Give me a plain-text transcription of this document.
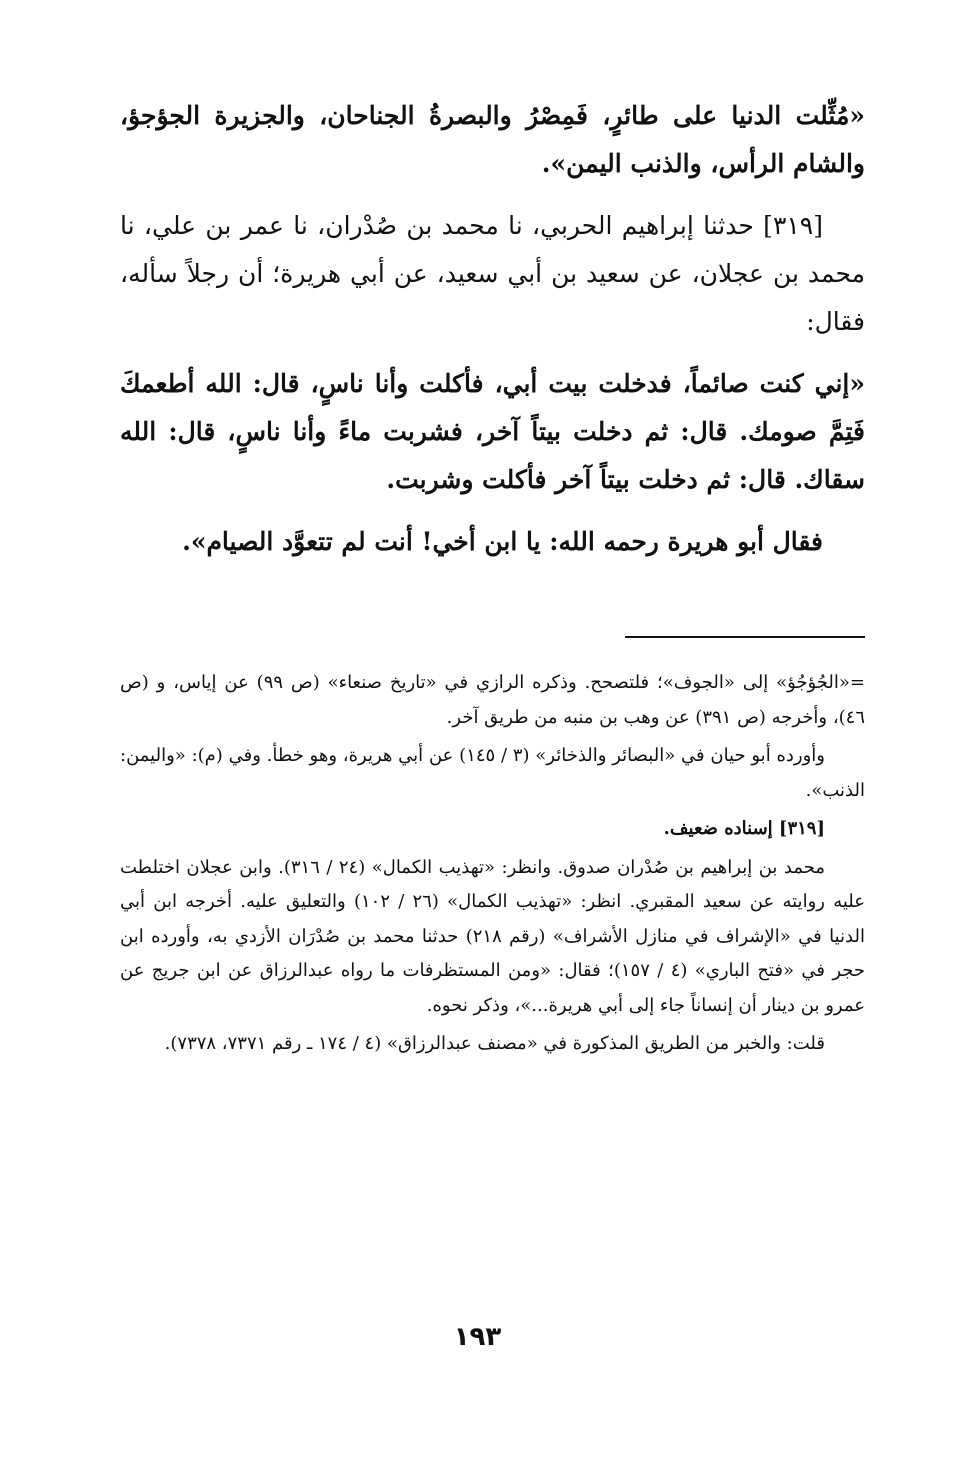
«مُثِّلت الدنيا على طائرٍ، فَمِصْرُ والبصرةُ الجناحان، والجزيرة الجؤجؤ، والشام الرأس، والذنب اليمن».

[٣١٩] حدثنا إبراهيم الحربي، نا محمد بن صُدْران، نا عمر بن علي، نا محمد بن عجلان، عن سعيد بن أبي سعيد، عن أبي هريرة؛ أن رجلاً سأله، فقال:

«إني كنت صائماً، فدخلت بيت أبي، فأكلت وأنا ناسٍ، قال: الله أطعمكَ فَتِمَّ صومك. قال: ثم دخلت بيتاً آخر، فشربت ماءً وأنا ناسٍ، قال: الله سقاك. قال: ثم دخلت بيتاً آخر فأكلت وشربت.

فقال أبو هريرة رحمه الله: يا ابن أخي! أنت لم تتعوَّد الصيام».

=«الجُؤجُؤ» إلى «الجوف»؛ فلتصحح. وذكره الرازي في «تاريخ صنعاء» (ص ٩٩) عن إياس، و (ص ٤٦)، وأخرجه (ص ٣٩١) عن وهب بن منبه من طريق آخر.

وأورده أبو حيان في «البصائر والذخائر» (٣ / ١٤٥) عن أبي هريرة، وهو خطأ. وفي (م): «واليمن: الذنب».

[٣١٩] إسناده ضعيف.

محمد بن إبراهيم بن صُدْران صدوق. وانظر: «تهذيب الكمال» (٢٤ / ٣١٦). وابن عجلان اختلطت عليه روايته عن سعيد المقبري. انظر: «تهذيب الكمال» (٢٦ / ١٠٢) والتعليق عليه. أخرجه ابن أبي الدنيا في «الإشراف في منازل الأشراف» (رقم ٢١٨) حدثنا محمد بن صُدْرَان الأزدي به، وأورده ابن حجر في «فتح الباري» (٤ / ١٥٧)؛ فقال: «ومن المستظرفات ما رواه عبدالرزاق عن ابن جريج عن عمرو بن دينار أن إنساناً جاء إلى أبي هريرة...»، وذكر نحوه.

قلت: والخبر من الطريق المذكورة في «مصنف عبدالرزاق» (٤ / ١٧٤ ـ رقم ٧٣٧١، ٧٣٧٨).

١٩٣
